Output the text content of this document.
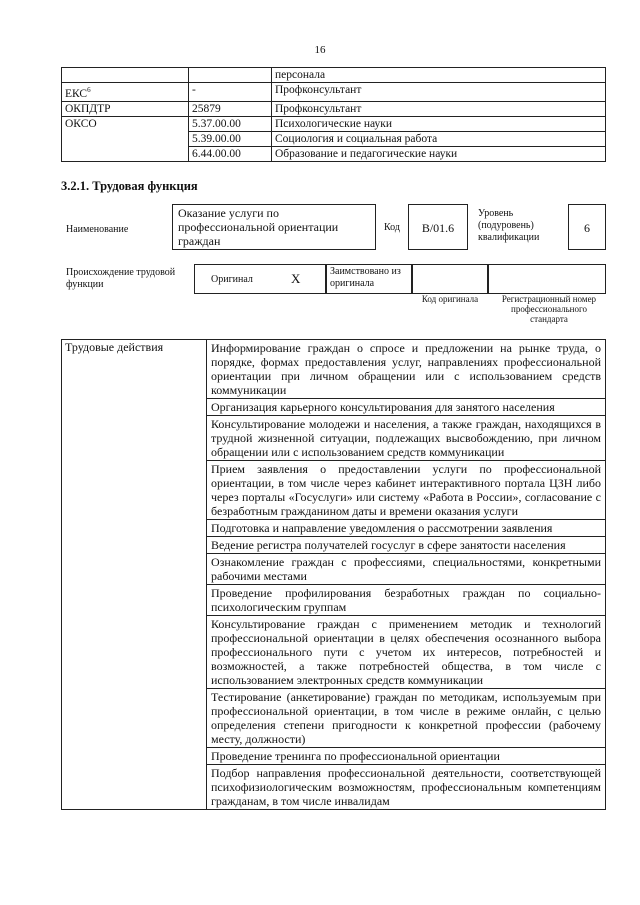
16
		персонала
ЕКС$^6$	-	Профконсультант
ОКПДТР	25879	Профконсультант
ОКСО	5.37.00.00	Психологические науки
	5.39.00.00	Социология и социальная работа
	6.44.00.00	Образование и педагогические науки
3.2.1. Трудовая функция
Наименование
Оказание услуги по профессиональной ориентации граждан
Код	B/01.6
Уровень (подуровень) квалификации
6
Происхождение трудовой функции	Оригинал	X	Заимствовано из оригинала
Код оригинала	Регистрационный номер профессионального стандарта
Трудовые действия	Информирование граждан о спросе и предложении на рынке труда, о порядке, формах предоставления услуг, направлениях профессиональной ориентации при личном обращении или с использованием средств коммуникации
Организация карьерного консультирования для занятого населения
Консультирование молодежи и населения, а также граждан, находящихся в трудной жизненной ситуации, подлежащих высвобождению, при личном обращении или с использованием средств коммуникации
Прием заявления о предоставлении услуги по профессиональной ориентации, в том числе через кабинет интерактивного портала ЦЗН либо через порталы «Госуслуги» или систему «Работа в России», согласование с безработным гражданином даты и времени оказания услуги
Подготовка и направление уведомления о рассмотрении заявления
Ведение регистра получателей госуслуг в сфере занятости населения
Ознакомление граждан с профессиями, специальностями, конкретными рабочими местами
Проведение профилирования безработных граждан по социально-психологическим группам
Консультирование граждан с применением методик и технологий профессиональной ориентации в целях обеспечения осознанного выбора профессионального пути с учетом их интересов, потребностей и возможностей, а также потребностей общества, в том числе с использованием электронных средств коммуникации
Тестирование (анкетирование) граждан по методикам, используемым при профессиональной ориентации, в том числе в режиме онлайн, с целью определения степени пригодности к конкретной профессии (рабочему месту, должности)
Проведение тренинга по профессиональной ориентации
Подбор направления профессиональной деятельности, соответствующей психофизиологическим возможностям, профессиональным компетенциям гражданам, в том числе инвалидам
